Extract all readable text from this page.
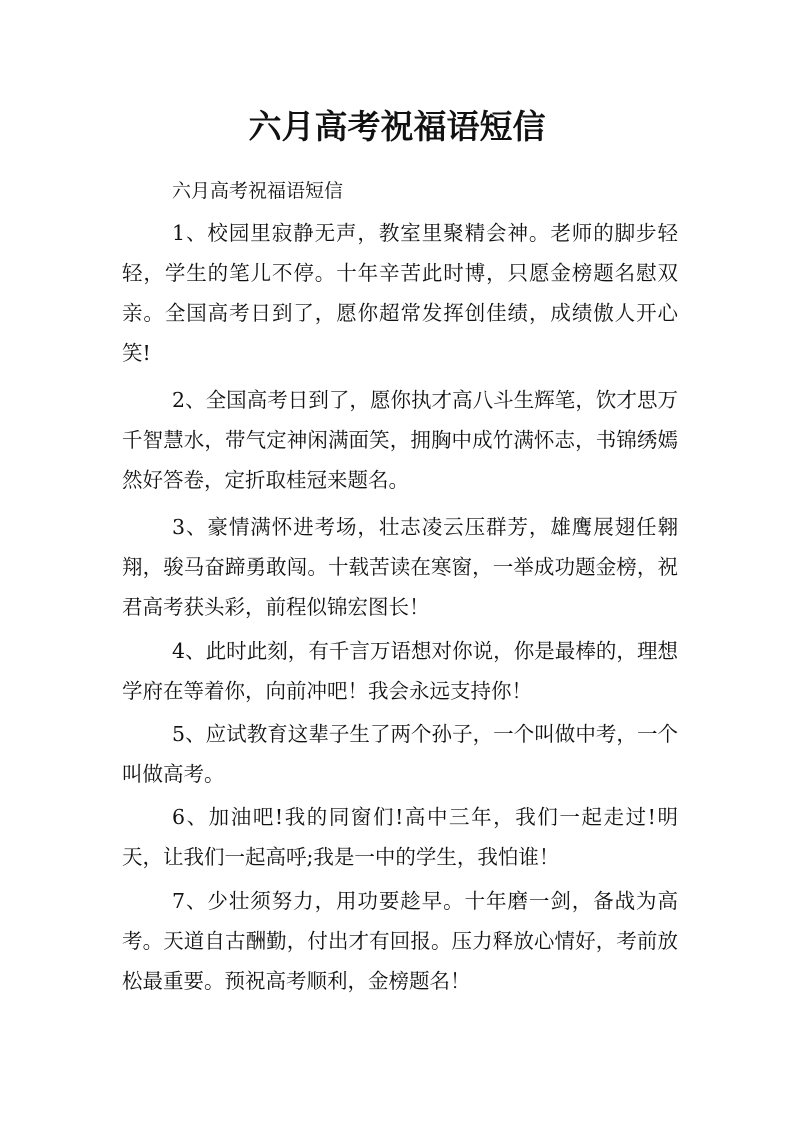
六月高考祝福语短信
六月高考祝福语短信
1、校园里寂静无声，教室里聚精会神。老师的脚步轻轻，学生的笔儿不停。十年辛苦此时博，只愿金榜题名慰双亲。全国高考日到了，愿你超常发挥创佳绩，成绩傲人开心笑!
2、全国高考日到了，愿你执才高八斗生辉笔，饮才思万千智慧水，带气定神闲满面笑，拥胸中成竹满怀志，书锦绣嫣然好答卷，定折取桂冠来题名。
3、豪情满怀进考场，壮志凌云压群芳，雄鹰展翅任翱翔，骏马奋蹄勇敢闯。十载苦读在寒窗，一举成功题金榜，祝君高考获头彩，前程似锦宏图长！
4、此时此刻，有千言万语想对你说，你是最棒的，理想学府在等着你，向前冲吧！我会永远支持你！
5、应试教育这辈子生了两个孙子，一个叫做中考，一个叫做高考。
6、加油吧!我的同窗们!高中三年，我们一起走过!明天，让我们一起高呼;我是一中的学生，我怕谁！
7、少壮须努力，用功要趁早。十年磨一剑，备战为高考。天道自古酬勤，付出才有回报。压力释放心情好，考前放松最重要。预祝高考顺利，金榜题名！
